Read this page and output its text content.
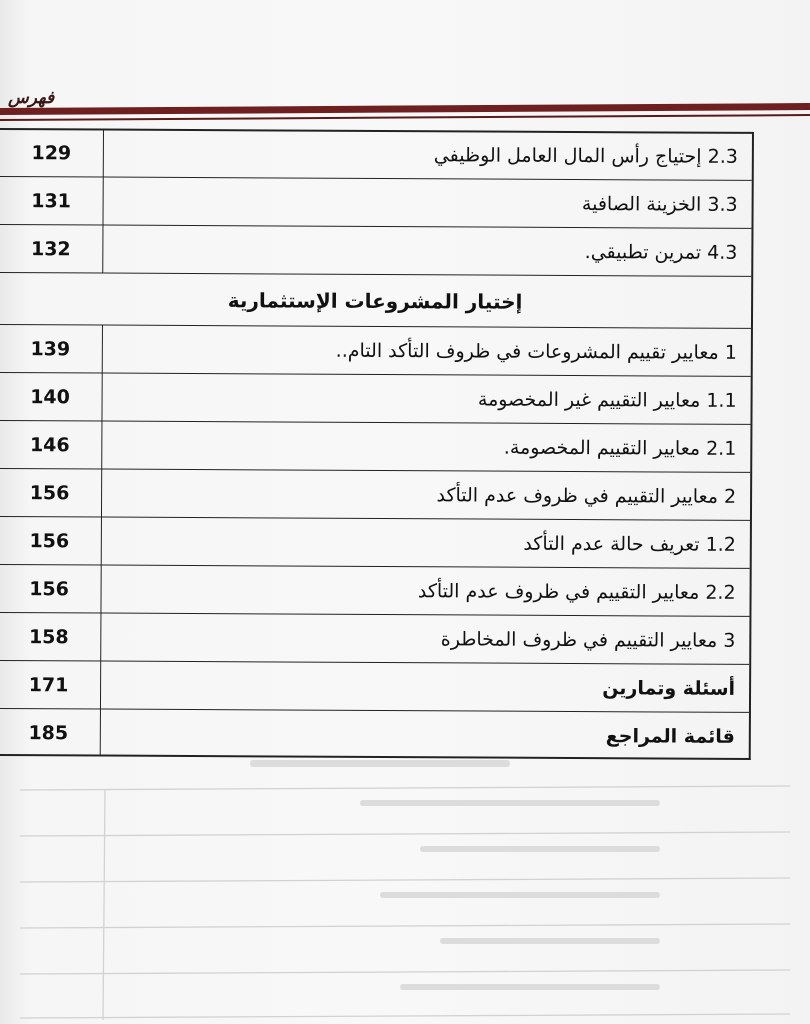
فهرس
129	2.3 إحتياج رأس المال العامل الوظيفي
131	3.3 الخزينة الصافية
132	4.3 تمرين تطبيقي.
إختيار المشروعات الإستثمارية
139	1 معايير تقييم المشروعات في ظروف التأكد التام..
140	1.1 معايير التقييم غير المخصومة
146	2.1 معايير التقييم المخصومة.
156	2 معايير التقييم في ظروف عدم التأكد
156	1.2 تعريف حالة عدم التأكد
156	2.2 معايير التقييم في ظروف عدم التأكد
158	3 معايير التقييم في ظروف المخاطرة
171	أسئلة وتمارين
185	قائمة المراجع
